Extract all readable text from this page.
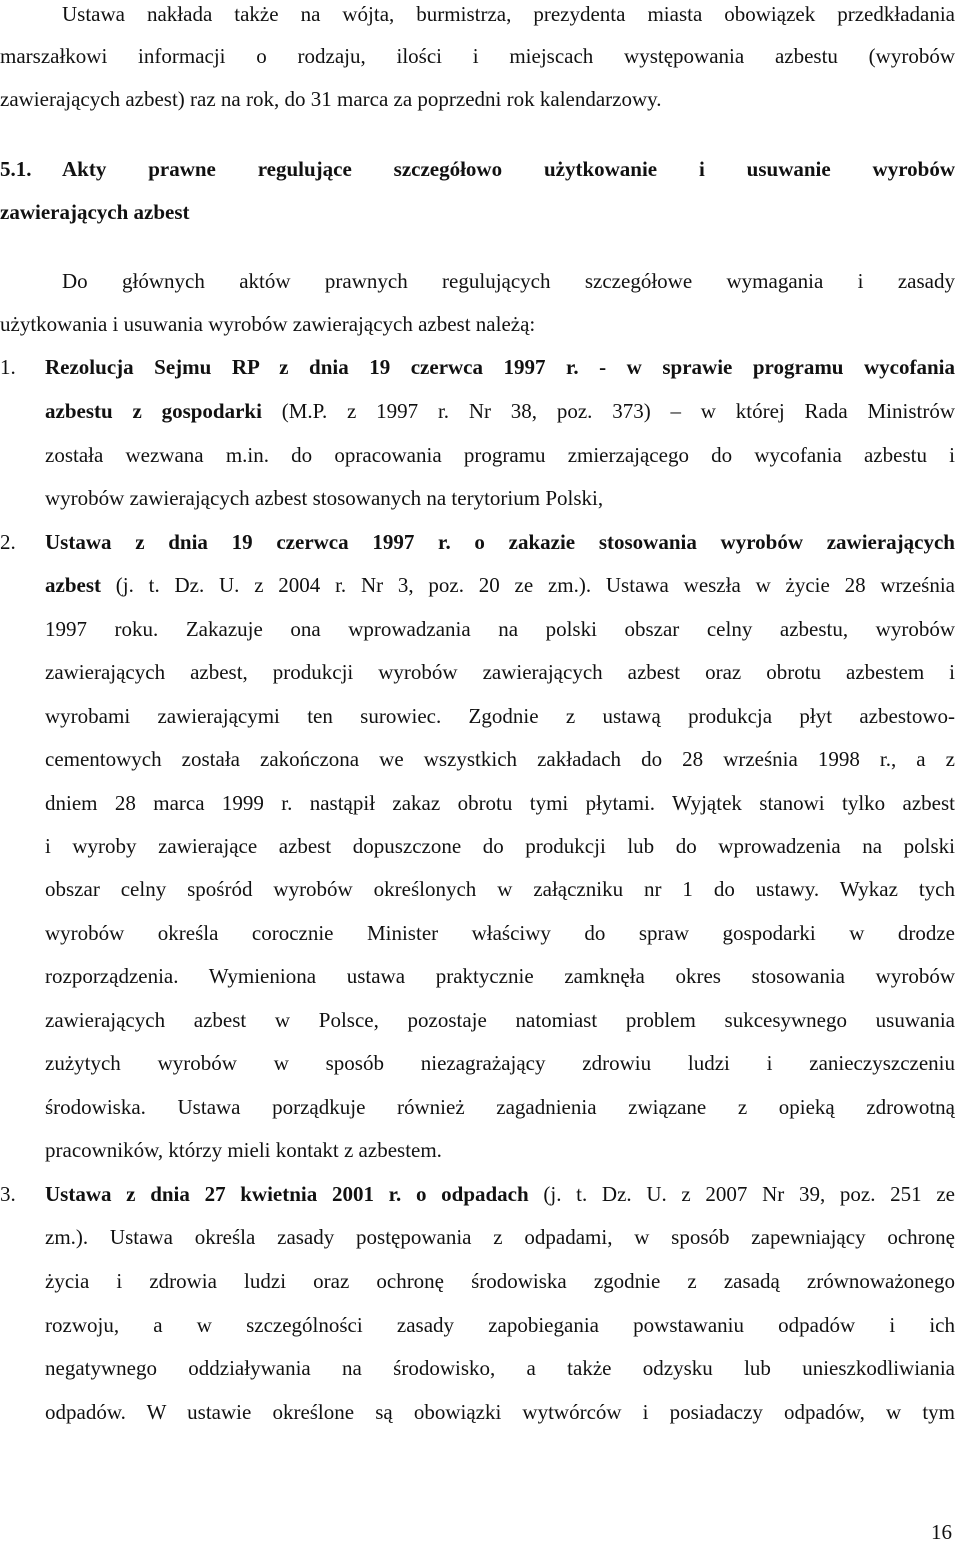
Ustawa nakłada także na wójta, burmistrza, prezydenta miasta obowiązek przedkładania
marszałkowi informacji o rodzaju, ilości i miejscach występowania azbestu (wyrobów
zawierających azbest) raz na rok, do 31 marca za poprzedni rok kalendarzowy.
5.1. Akty prawne regulujące szczegółowo użytkowanie i usuwanie wyrobów
zawierających azbest
Do głównych aktów prawnych regulujących szczegółowe wymagania i zasady
użytkowania i usuwania wyrobów zawierających azbest należą:
1. Rezolucja Sejmu RP z dnia 19 czerwca 1997 r. - w sprawie programu wycofania
azbestu z gospodarki (M.P. z 1997 r. Nr 38, poz. 373) – w której Rada Ministrów
została wezwana m.in. do opracowania programu zmierzającego do wycofania azbestu i
wyrobów zawierających azbest stosowanych na terytorium Polski,
2. Ustawa z dnia 19 czerwca 1997 r. o zakazie stosowania wyrobów zawierających
azbest (j. t. Dz. U. z 2004 r. Nr 3, poz. 20 ze zm.). Ustawa weszła w życie 28 września
1997 roku. Zakazuje ona wprowadzania na polski obszar celny azbestu, wyrobów
zawierających azbest, produkcji wyrobów zawierających azbest oraz obrotu azbestem i
wyrobami zawierającymi ten surowiec. Zgodnie z ustawą produkcja płyt azbestowo-
cementowych została zakończona we wszystkich zakładach do 28 września 1998 r., a z
dniem 28 marca 1999 r. nastąpił zakaz obrotu tymi płytami. Wyjątek stanowi tylko azbest
i wyroby zawierające azbest dopuszczone do produkcji lub do wprowadzenia na polski
obszar celny spośród wyrobów określonych w załączniku nr 1 do ustawy. Wykaz tych
wyrobów określa corocznie Minister właściwy do spraw gospodarki w drodze
rozporządzenia. Wymieniona ustawa praktycznie zamknęła okres stosowania wyrobów
zawierających azbest w Polsce, pozostaje natomiast problem sukcesywnego usuwania
zużytych wyrobów w sposób niezagrażający zdrowiu ludzi i zanieczyszczeniu
środowiska. Ustawa porządkuje również zagadnienia związane z opieką zdrowotną
pracowników, którzy mieli kontakt z azbestem.
3. Ustawa z dnia 27 kwietnia 2001 r. o odpadach (j. t. Dz. U. z 2007 Nr 39, poz. 251 ze
zm.). Ustawa określa zasady postępowania z odpadami, w sposób zapewniający ochronę
życia i zdrowia ludzi oraz ochronę środowiska zgodnie z zasadą zrównoważonego
rozwoju, a w szczególności zasady zapobiegania powstawaniu odpadów i ich
negatywnego oddziaływania na środowisko, a także odzysku lub unieszkodliwiania
odpadów. W ustawie określone są obowiązki wytwórców i posiadaczy odpadów, w tym
16
